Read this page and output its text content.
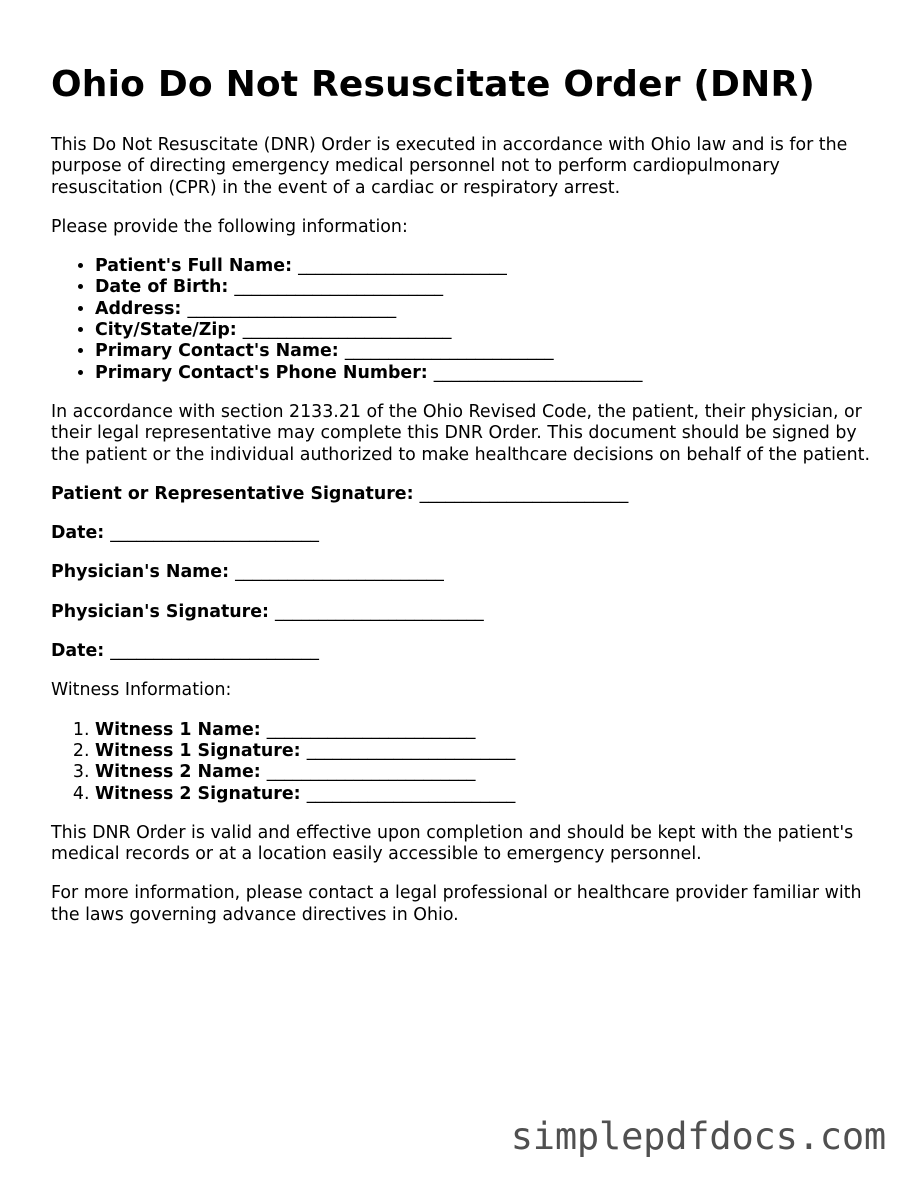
Ohio Do Not Resuscitate Order (DNR)

This Do Not Resuscitate (DNR) Order is executed in accordance with Ohio law and is for the purpose of directing emergency medical personnel not to perform cardiopulmonary resuscitation (CPR) in the event of a cardiac or respiratory arrest.

Please provide the following information:

• Patient's Full Name: ________________________
• Date of Birth: ________________________
• Address: ________________________
• City/State/Zip: ________________________
• Primary Contact's Name: ________________________
• Primary Contact's Phone Number: ________________________

In accordance with section 2133.21 of the Ohio Revised Code, the patient, their physician, or their legal representative may complete this DNR Order. This document should be signed by the patient or the individual authorized to make healthcare decisions on behalf of the patient.

Patient or Representative Signature: ________________________

Date: ________________________

Physician's Name: ________________________

Physician's Signature: ________________________

Date: ________________________

Witness Information:

1. Witness 1 Name: ________________________
2. Witness 1 Signature: ________________________
3. Witness 2 Name: ________________________
4. Witness 2 Signature: ________________________

This DNR Order is valid and effective upon completion and should be kept with the patient's medical records or at a location easily accessible to emergency personnel.

For more information, please contact a legal professional or healthcare provider familiar with the laws governing advance directives in Ohio.

simplepdfdocs.com
